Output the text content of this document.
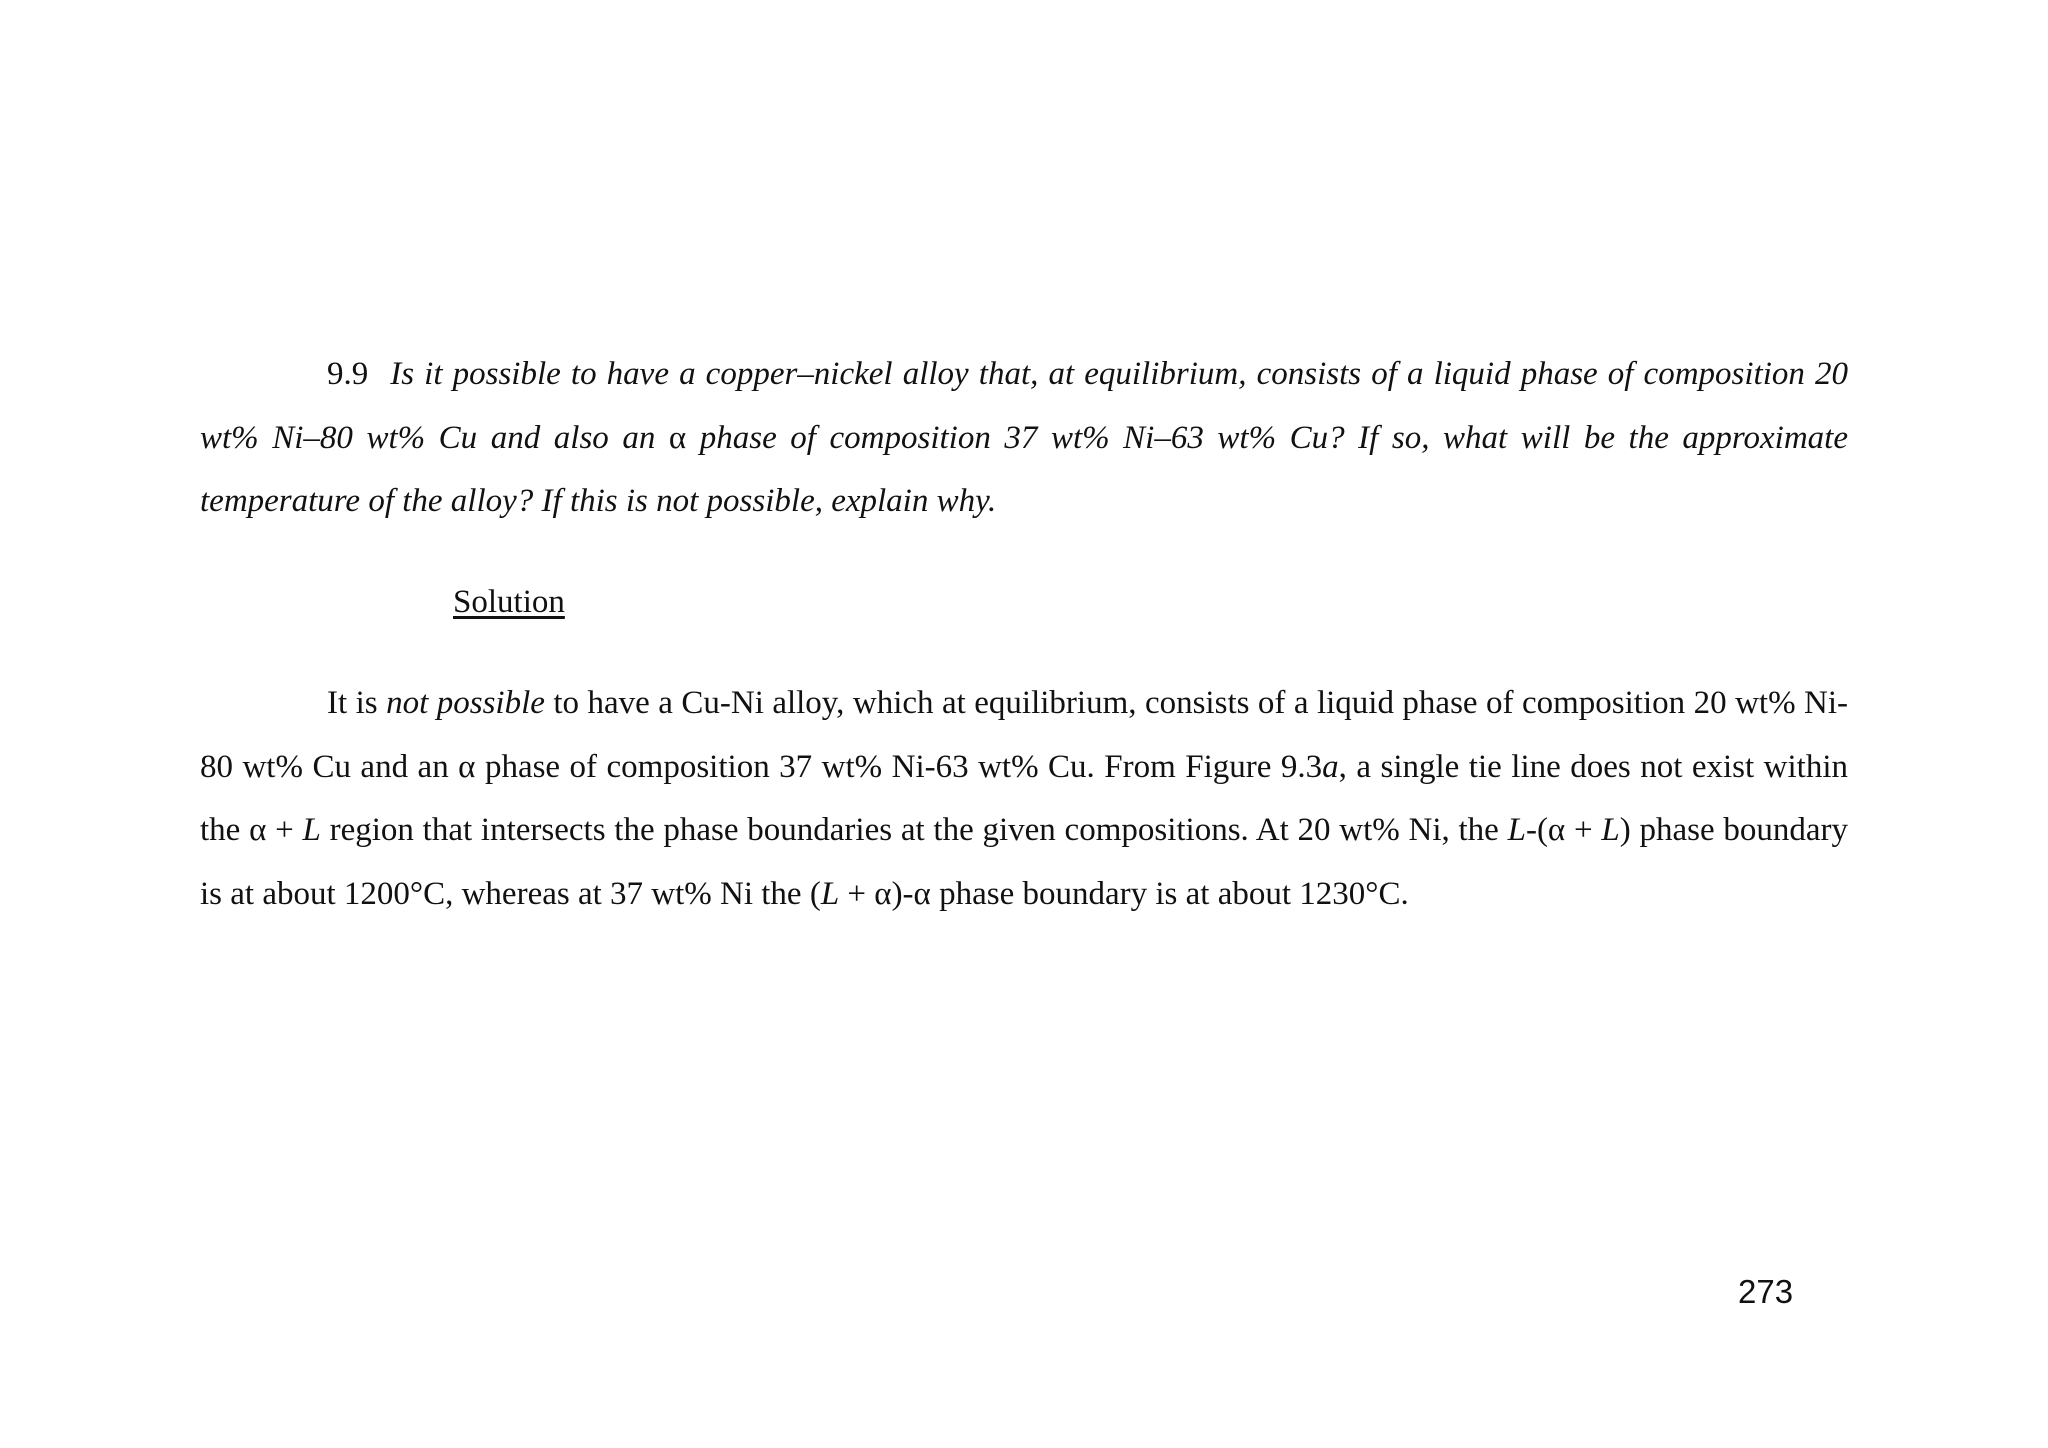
9.9 Is it possible to have a copper–nickel alloy that, at equilibrium, consists of a liquid phase of composition 20 wt% Ni–80 wt% Cu and also an α phase of composition 37 wt% Ni–63 wt% Cu? If so, what will be the approximate temperature of the alloy? If this is not possible, explain why.

Solution

It is not possible to have a Cu-Ni alloy, which at equilibrium, consists of a liquid phase of composition 20 wt% Ni-80 wt% Cu and an α phase of composition 37 wt% Ni-63 wt% Cu. From Figure 9.3a, a single tie line does not exist within the α + L region that intersects the phase boundaries at the given compositions. At 20 wt% Ni, the L-(α + L) phase boundary is at about 1200°C, whereas at 37 wt% Ni the (L + α)-α phase boundary is at about 1230°C.

273
